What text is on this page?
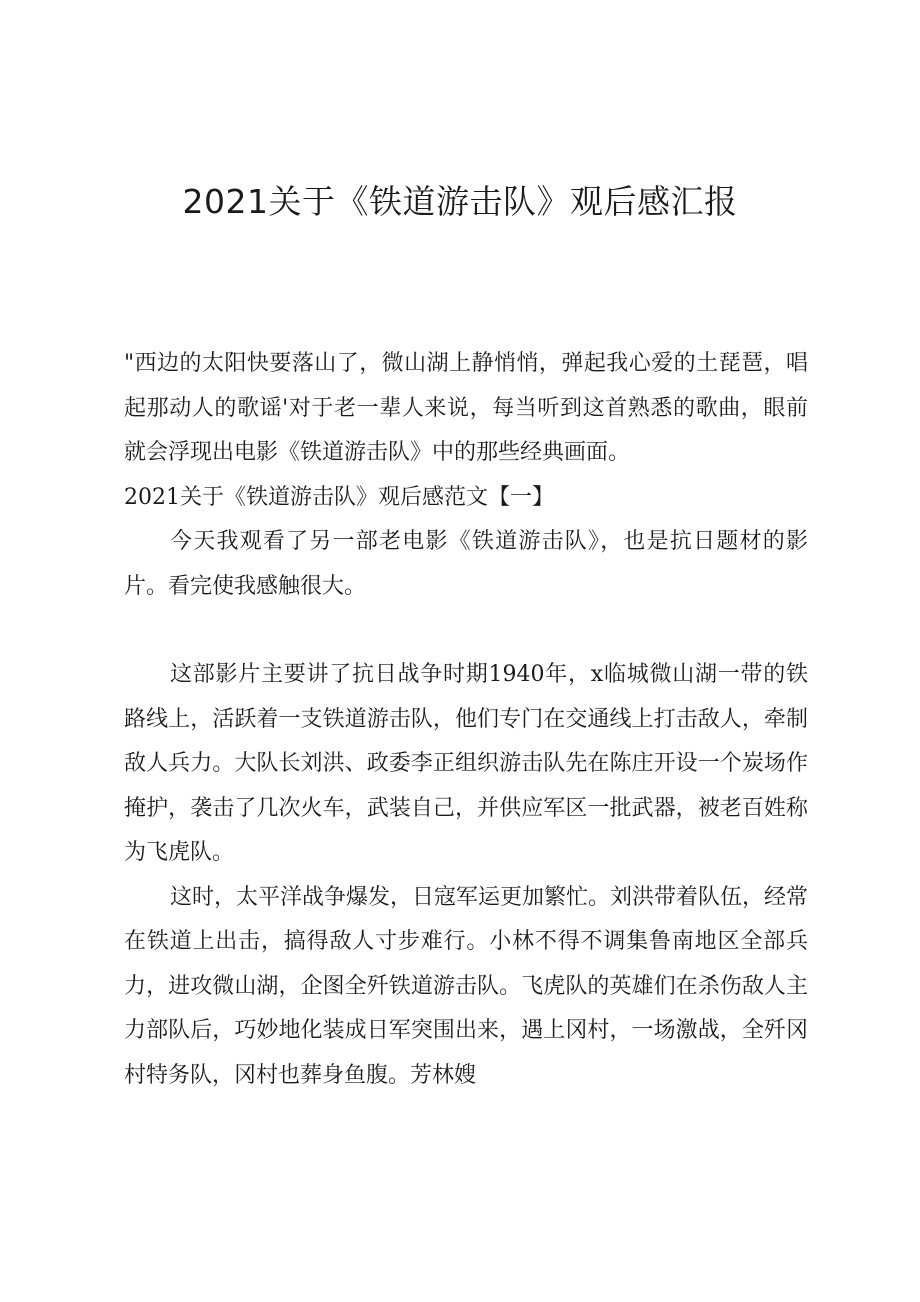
2021关于《铁道游击队》观后感汇报

"西边的太阳快要落山了，微山湖上静悄悄，弹起我心爱的土琵琶，唱起那动人的歌谣'对于老一辈人来说，每当听到这首熟悉的歌曲，眼前就会浮现出电影《铁道游击队》中的那些经典画面。

2021关于《铁道游击队》观后感范文【一】

今天我观看了另一部老电影《铁道游击队》，也是抗日题材的影片。看完使我感触很大。

这部影片主要讲了抗日战争时期1940年，x临城微山湖一带的铁路线上，活跃着一支铁道游击队，他们专门在交通线上打击敌人，牵制敌人兵力。大队长刘洪、政委李正组织游击队先在陈庄开设一个炭场作掩护，袭击了几次火车，武装自己，并供应军区一批武器，被老百姓称为飞虎队。

这时，太平洋战争爆发，日寇军运更加繁忙。刘洪带着队伍，经常在铁道上出击，搞得敌人寸步难行。小林不得不调集鲁南地区全部兵力，进攻微山湖，企图全歼铁道游击队。飞虎队的英雄们在杀伤敌人主力部队后，巧妙地化装成日军突围出来，遇上冈村，一场激战，全歼冈村特务队，冈村也葬身鱼腹。芳林嫂
